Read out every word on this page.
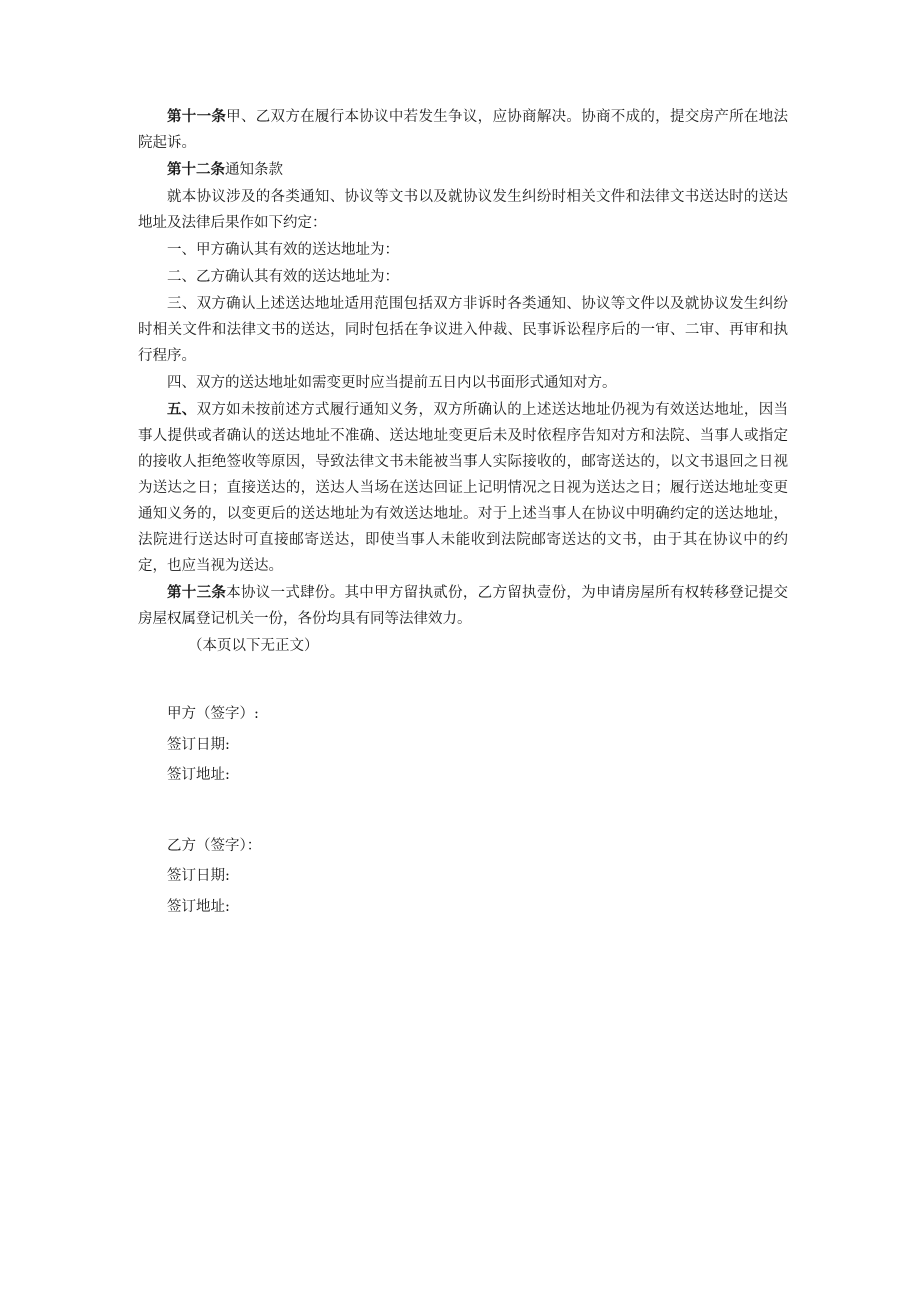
第十一条甲、乙双方在履行本协议中若发生争议，应协商解决。协商不成的，提交房产所在地法院起诉。

第十二条通知条款

就本协议涉及的各类通知、协议等文书以及就协议发生纠纷时相关文件和法律文书送达时的送达地址及法律后果作如下约定：

一、甲方确认其有效的送达地址为：

二、乙方确认其有效的送达地址为：

三、双方确认上述送达地址适用范围包括双方非诉时各类通知、协议等文件以及就协议发生纠纷时相关文件和法律文书的送达，同时包括在争议进入仲裁、民事诉讼程序后的一审、二审、再审和执行程序。

四、双方的送达地址如需变更时应当提前五日内以书面形式通知对方。

五、双方如未按前述方式履行通知义务，双方所确认的上述送达地址仍视为有效送达地址，因当事人提供或者确认的送达地址不准确、送达地址变更后未及时依程序告知对方和法院、当事人或指定的接收人拒绝签收等原因，导致法律文书未能被当事人实际接收的，邮寄送达的，以文书退回之日视为送达之日；直接送达的，送达人当场在送达回证上记明情况之日视为送达之日；履行送达地址变更通知义务的，以变更后的送达地址为有效送达地址。对于上述当事人在协议中明确约定的送达地址，法院进行送达时可直接邮寄送达，即使当事人未能收到法院邮寄送达的文书，由于其在协议中的约定，也应当视为送达。

第十三条本协议一式肆份。其中甲方留执贰份，乙方留执壹份，为申请房屋所有权转移登记提交房屋权属登记机关一份，各份均具有同等法律效力。

（本页以下无正文）

甲方（签字）:

签订日期:

签订地址:

乙方（签字）：

签订日期:

签订地址:
